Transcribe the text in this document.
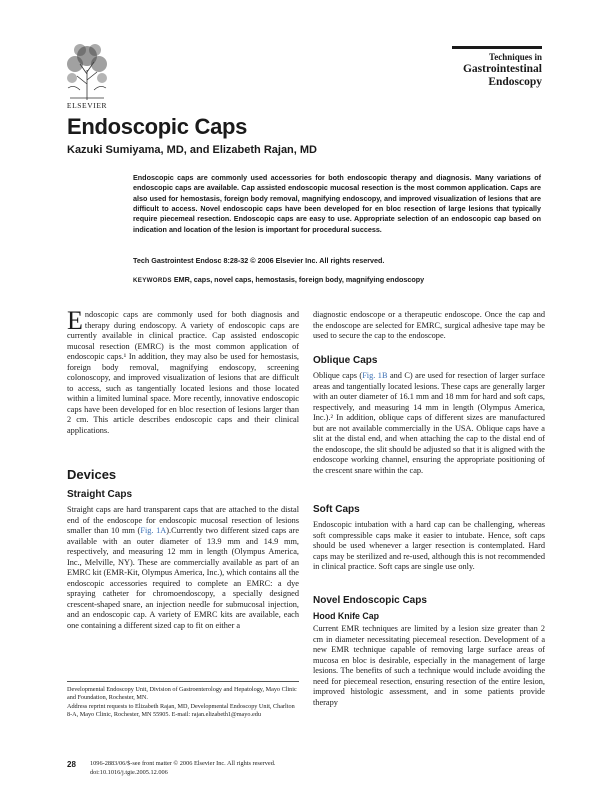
ELSEVIER
Techniques in
Gastrointestinal
Endoscopy
Endoscopic Caps
Kazuki Sumiyama, MD, and Elizabeth Rajan, MD
Endoscopic caps are commonly used accessories for both endoscopic therapy and diagnosis. Many variations of endoscopic caps are available. Cap assisted endoscopic mucosal resection is the most common application. Caps are also used for hemostasis, foreign body removal, magnifying endoscopy, and improved visualization of lesions that are difficult to access. Novel endoscopic caps have been developed for en bloc resection of large lesions that typically require piecemeal resection. Endoscopic caps are easy to use. Appropriate selection of an endoscopic cap based on indication and location of the lesion is important for procedural success.
Tech Gastrointest Endosc 8:28-32 © 2006 Elsevier Inc. All rights reserved.
KEYWORDS EMR, caps, novel caps, hemostasis, foreign body, magnifying endoscopy

Endoscopic caps are commonly used for both diagnosis and therapy during endoscopy. A variety of endoscopic caps are currently available in clinical practice. Cap assisted endoscopic mucosal resection (EMRC) is the most common application of endoscopic caps.¹ In addition, they may also be used for hemostasis, foreign body removal, magnifying endoscopy, screening colonoscopy, and improved visualization of lesions that are difficult to access, such as tangentially located lesions and those located within a limited luminal space. More recently, innovative endoscopic caps have been developed for en bloc resection of lesions larger than 2 cm. This article describes endoscopic caps and their clinical applications.

Devices
Straight Caps

Straight caps are hard transparent caps that are attached to the distal end of the endoscope for endoscopic mucosal resection of lesions smaller than 10 mm (Fig. 1A).Currently two different sized caps are available with an outer diameter of 13.9 mm and 14.9 mm, respectively, and measuring 12 mm in length (Olympus America, Inc., Melville, NY). These are commercially available as part of an EMRC kit (EMR-Kit, Olympus America, Inc.), which contains all the endoscopic accessories required to complete an EMRC: a dye spraying catheter for chromoendoscopy, a specially designed crescent-shaped snare, an injection needle for submucosal injection, and an endoscopic cap. A variety of EMRC kits are available, each one containing a different sized cap to fit on either a

Developmental Endoscopy Unit, Division of Gastroenterology and Hepatology, Mayo Clinic and Foundation, Rochester, MN.
Address reprint requests to Elizabeth Rajan, MD, Developmental Endoscopy Unit, Charlton 8-A, Mayo Clinic, Rochester, MN 55905. E-mail: rajan.elizabeth1@mayo.edu

diagnostic endoscope or a therapeutic endoscope. Once the cap and the endoscope are selected for EMRC, surgical adhesive tape may be used to secure the cap to the endoscope.

Oblique Caps

Oblique caps (Fig. 1B and C) are used for resection of larger surface areas and tangentially located lesions. These caps are generally larger with an outer diameter of 16.1 mm and 18 mm for hard and soft caps, respectively, and measuring 14 mm in length (Olympus America, Inc.).² In addition, oblique caps of different sizes are manufactured but are not available commercially in the USA. Oblique caps have a slit at the distal end, and when attaching the cap to the distal end of the endoscope, the slit should be adjusted so that it is aligned with the endoscope working channel, ensuring the appropriate positioning of the crescent snare within the cap.

Soft Caps

Endoscopic intubation with a hard cap can be challenging, whereas soft compressible caps make it easier to intubate. Hence, soft caps should be used whenever a larger resection is contemplated. Hard caps may be sterilized and re-used, although this is not recommended in clinical practice. Soft caps are single use only.

Novel Endoscopic Caps
Hood Knife Cap

Current EMR techniques are limited by a lesion size greater than 2 cm in diameter necessitating piecemeal resection. Development of a new EMR technique capable of removing large surface areas of mucosa en bloc is desirable, especially in the management of large lesions. The benefits of such a technique would include avoiding the need for piecemeal resection, ensuring resection of the entire lesion, improved histologic assessment, and in some patients provide therapy

28 1096-2883/06/$-see front matter © 2006 Elsevier Inc. All rights reserved.
doi:10.1016/j.tgie.2005.12.006
